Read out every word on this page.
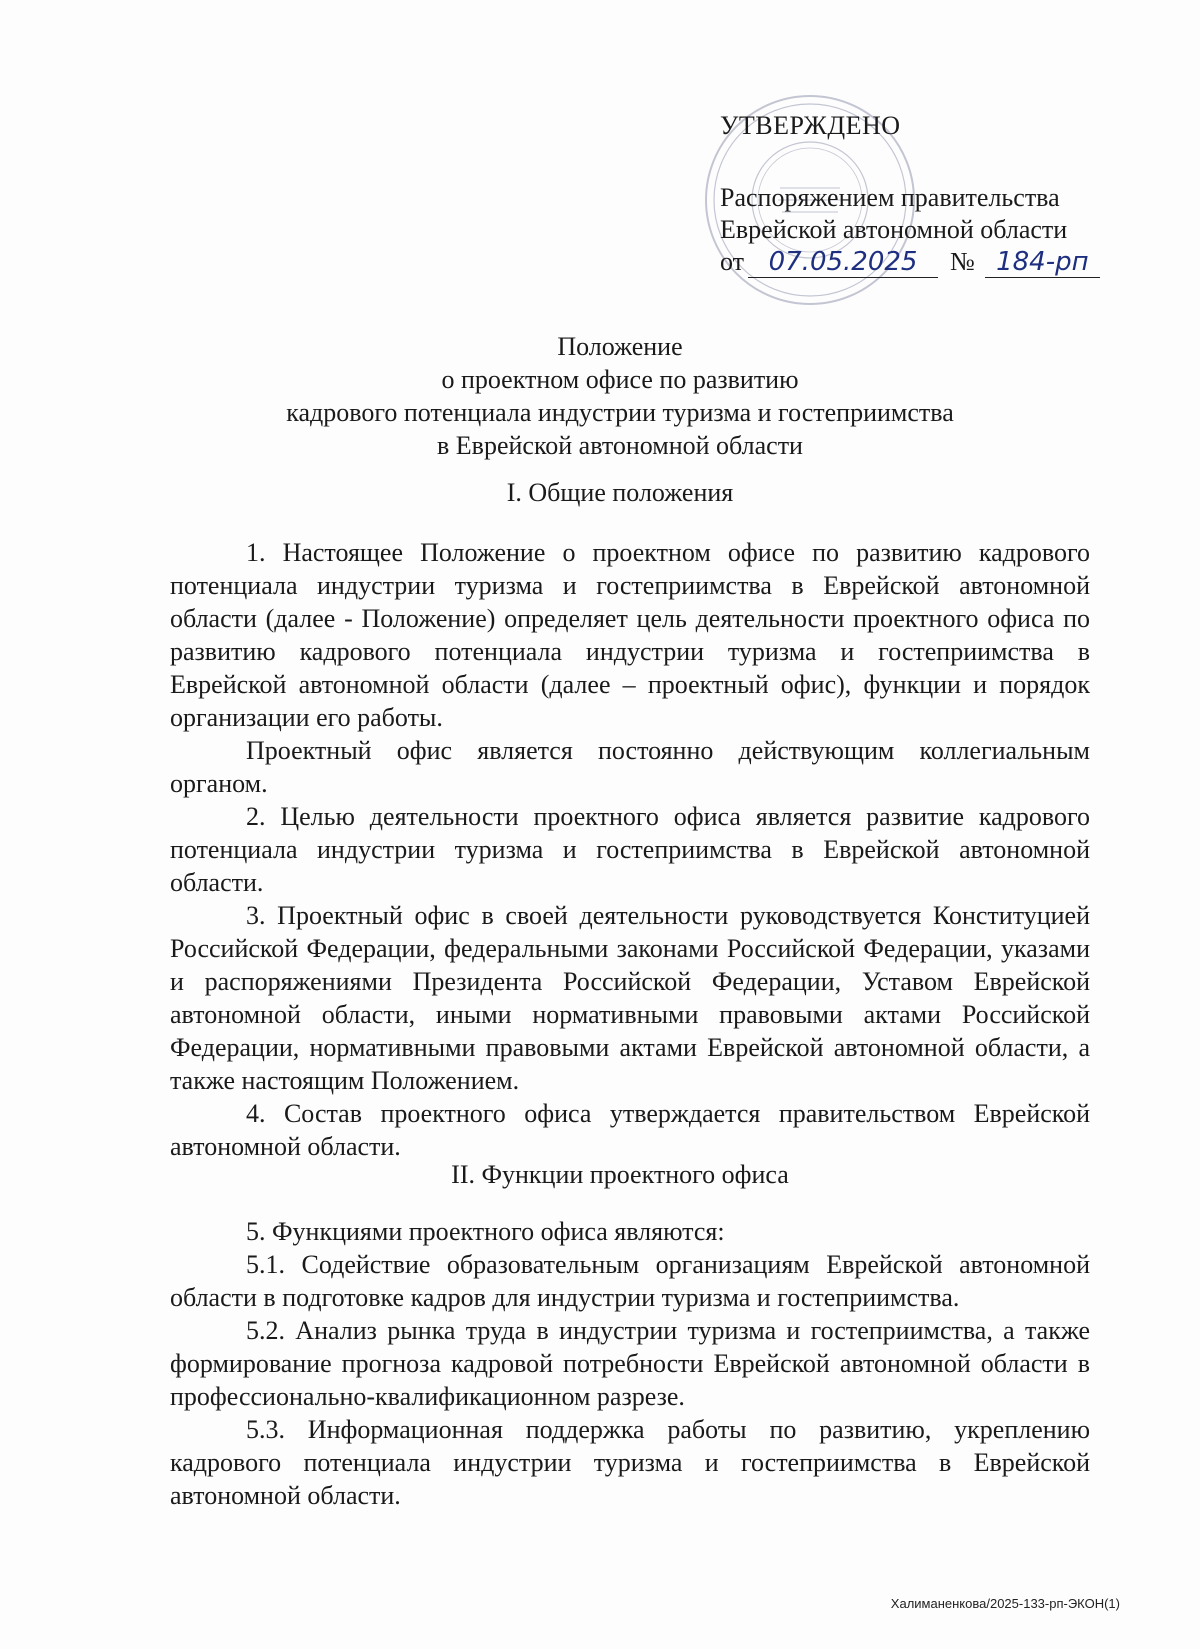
УТВЕРЖДЕНО
Распоряжением правительства
Еврейской автономной области
от 07.05.2025	№ 184-рп
Положение
о проектном офисе по развитию
кадрового потенциала индустрии туризма и гостеприимства
в Еврейской автономной области
I. Общие положения

1. Настоящее Положение о проектном офисе по развитию кадрового потенциала индустрии туризма и гостеприимства в Еврейской автономной области (далее - Положение) определяет цель деятельности проектного офиса по развитию кадрового потенциала индустрии туризма и гостеприимства в Еврейской автономной области (далее – проектный офис), функции и порядок организации его работы.

Проектный офис является постоянно действующим коллегиальным органом.

2. Целью деятельности проектного офиса является развитие кадрового потенциала индустрии туризма и гостеприимства в Еврейской автономной области.

3. Проектный офис в своей деятельности руководствуется Конституцией Российской Федерации, федеральными законами Российской Федерации, указами и распоряжениями Президента Российской Федерации, Уставом Еврейской автономной области, иными нормативными правовыми актами Российской Федерации, нормативными правовыми актами Еврейской автономной области, а также настоящим Положением.

4. Состав проектного офиса утверждается правительством Еврейской автономной области.

II. Функции проектного офиса

5. Функциями проектного офиса являются:

5.1. Содействие образовательным организациям Еврейской автономной области в подготовке кадров для индустрии туризма и гостеприимства.

5.2. Анализ рынка труда в индустрии туризма и гостеприимства, а также формирование прогноза кадровой потребности Еврейской автономной области в профессионально-квалификационном разрезе.

5.3. Информационная поддержка работы по развитию, укреплению кадрового потенциала индустрии туризма и гостеприимства в Еврейской автономной области.

Халиманенкова/2025-133-рп-ЭКОН(1)
